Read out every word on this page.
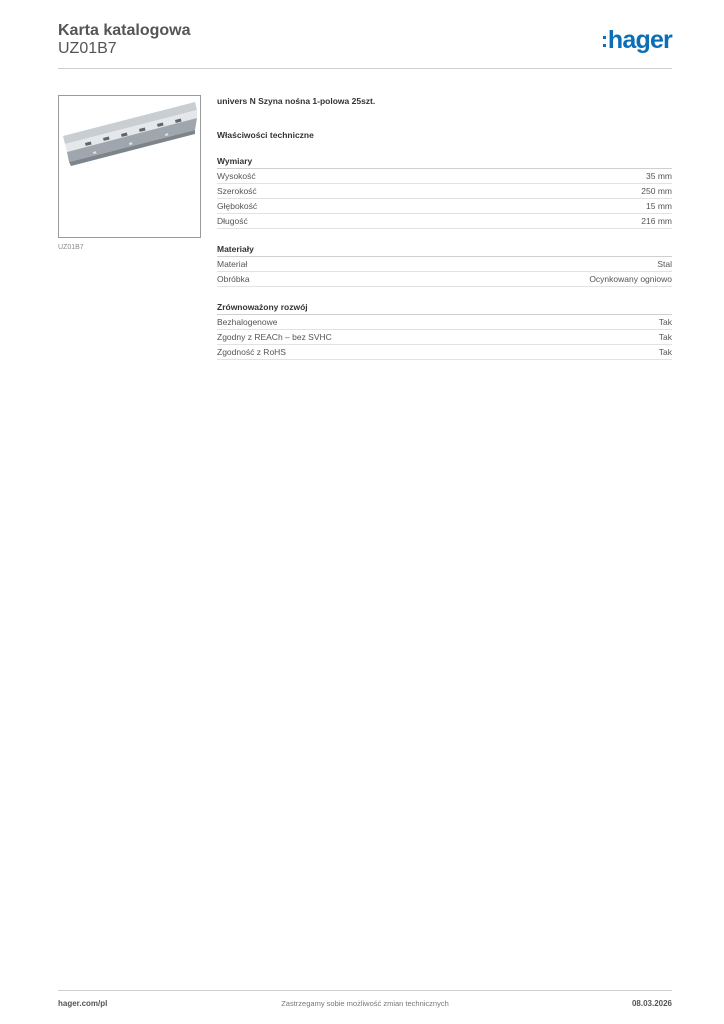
Karta katalogowa
UZ01B7	hager
UZ01B7
univers N Szyna nośna 1-polowa 25szt.
Właściwości techniczne
Wymiary
Wysokość	35 mm
Szerokość	250 mm
Głębokość	15 mm
Długość	216 mm
Materiały
Materiał	Stal
Obróbka	Ocynkowany ogniowo
Zrównoważony rozwój
Bezhalogenowe	Tak
Zgodny z REACh – bez SVHC	Tak
Zgodność z RoHS	Tak
hager.com/pl	Zastrzegamy sobie możliwość zmian technicznych	08.03.2026
